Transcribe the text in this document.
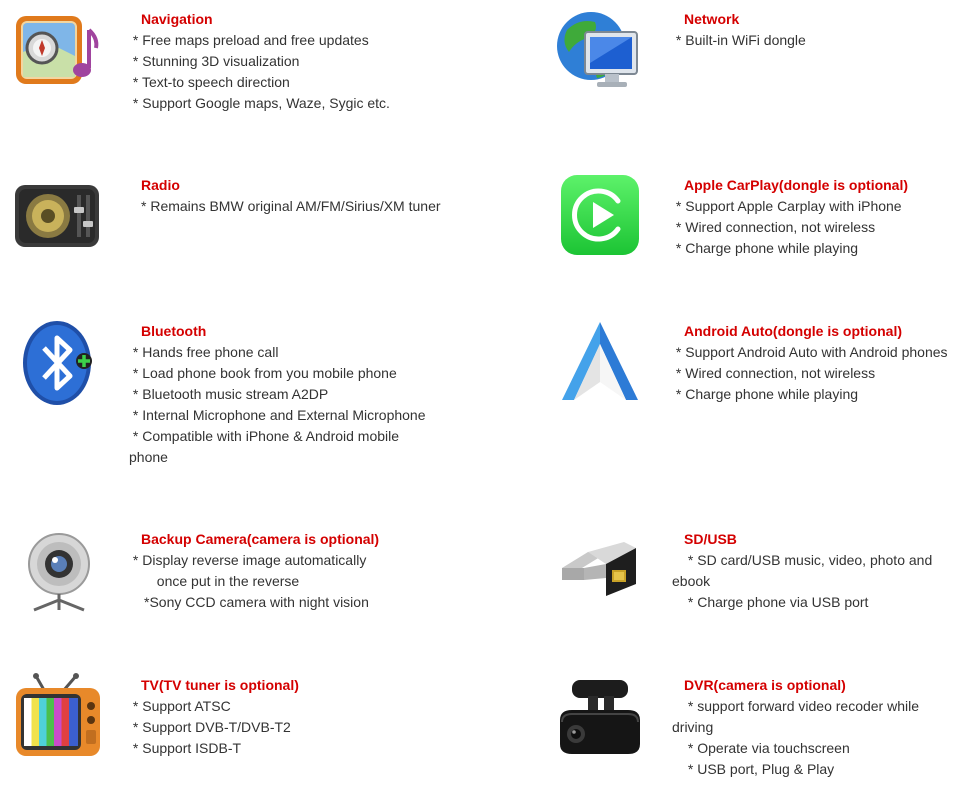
Navigation
* Free maps preload and free updates
* Stunning 3D visualization
* Text-to speech direction
* Support Google maps, Waze, Sygic etc.
Network
* Built-in WiFi dongle
Radio
* Remains BMW original AM/FM/Sirius/XM tuner
Apple CarPlay(dongle is optional)
* Support Apple Carplay with iPhone
* Wired connection, not wireless
* Charge phone while playing
Bluetooth
* Hands free phone call
* Load phone book from you mobile phone
* Bluetooth music stream A2DP
* Internal Microphone and External Microphone
* Compatible with iPhone & Android mobile
phone
Android Auto(dongle is optional)
* Support Android Auto with Android phones
* Wired connection, not wireless
* Charge phone while playing
Backup Camera(camera is optional)
* Display reverse image automatically
once put in the reverse
*Sony CCD camera with night vision
SD/USB
* SD card/USB music, video, photo and
ebook
* Charge phone via USB port
TV(TV tuner is optional)
* Support ATSC
* Support DVB-T/DVB-T2
* Support ISDB-T
DVR(camera is optional)
* support forward video recoder while
driving
* Operate via touchscreen
* USB port, Plug & Play
